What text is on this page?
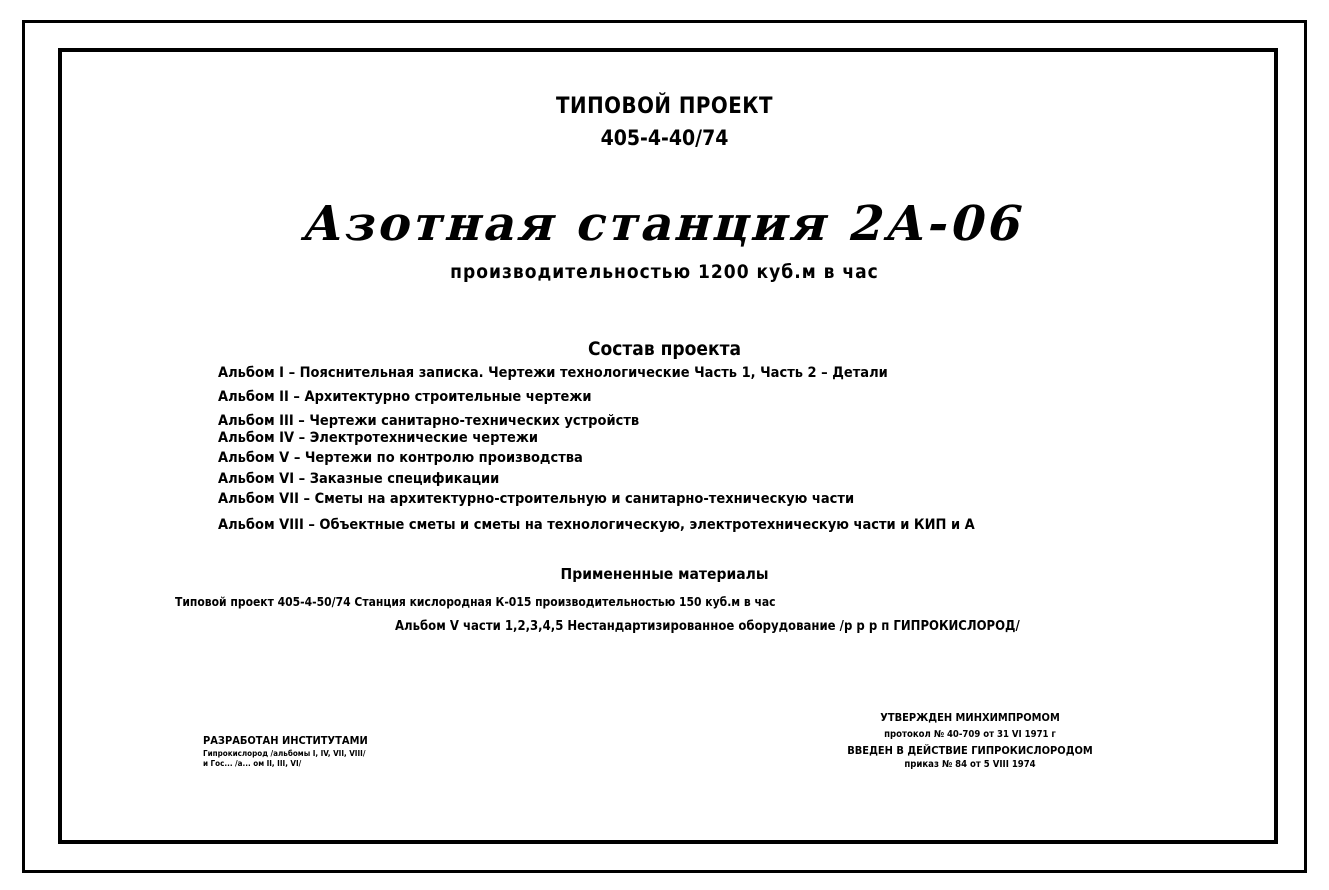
ТИПОВОЙ ПРОЕКТ
405-4-40/74
Азотная станция 2А-06
производительностью 1200 куб.м в час
Состав проекта
Альбом I – Пояснительная записка. Чертежи технологические Часть 1, Часть 2 – Детали
Альбом II – Архитектурно строительные чертежи
Альбом III – Чертежи санитарно-технических устройств
Альбом IV – Электротехнические чертежи
Альбом V – Чертежи по контролю производства
Альбом VI – Заказные спецификации
Альбом VII – Сметы на архитектурно-строительную и санитарно-техническую части
Альбом VIII – Объектные сметы и сметы на технологическую, электротехническую части и КИП и А
Примененные материалы
Типовой проект 405-4-50/74 Станция кислородная К-015 производительностью 150 куб.м в час
Альбом V части 1,2,3,4,5 Нестандартизированное оборудование /р р р п ГИПРОКИСЛОРОД/
РАЗРАБОТАН ИНСТИТУТАМИ
Гипрокислород /альбомы I, IV, VII, VIII/
и Гос... /а... ом II, III, VI/
УТВЕРЖДЕН МИНХИМПРОМОМ
протокол № 40-709 от 31 VI 1971 г
ВВЕДЕН В ДЕЙСТВИЕ ГИПРОКИСЛОРОДОМ
приказ № 84 от 5 VIII 1974
